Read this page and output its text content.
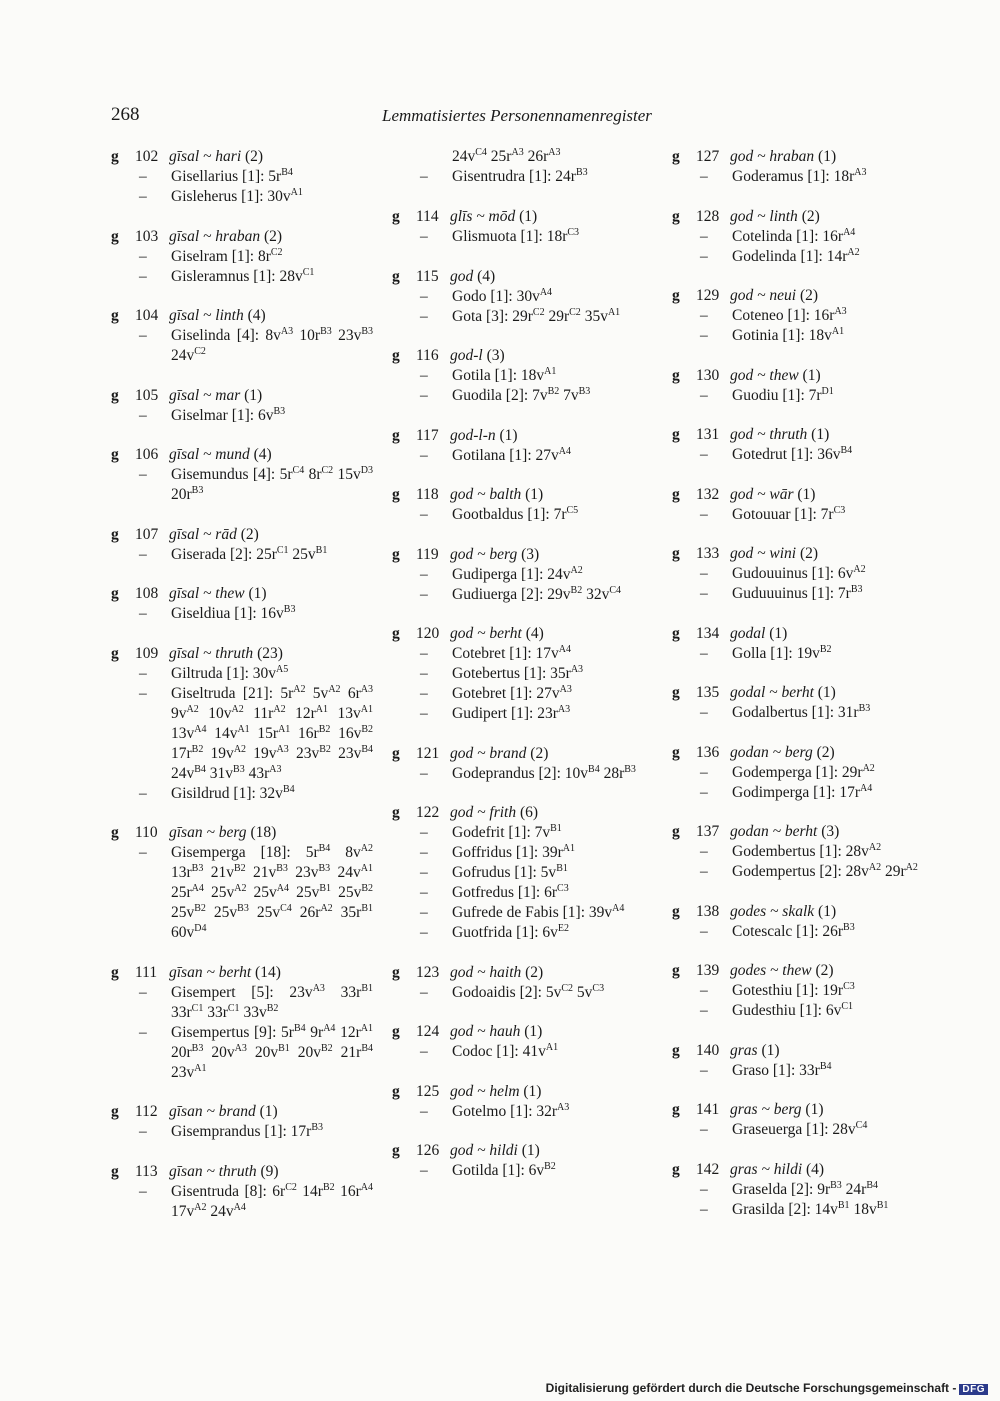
268	Lemmatisiertes Personennamenregister
g 102 gīsal ~ hari (2)
– Gisellarius [1]: $5r^{B4}$
– Gisleherus [1]: $30v^{A1}$
g 103 gīsal ~ hraban (2)
– Giselram [1]: $8r^{C2}$
– Gisleramnus [1]: $28v^{C1}$
g 104 gīsal ~ linth (4)
– Giselinda [4]: $8v^{A3}$ $10r^{B3}$ $23v^{B3}$ $24v^{C2}$
g 105 gīsal ~ mar (1)
– Giselmar [1]: $6v^{B3}$
g 106 gīsal ~ mund (4)
– Gisemundus [4]: $5r^{C4}$ $8r^{C2}$ $15v^{D3}$ $20r^{B3}$
g 107 gīsal ~ rād (2)
– Giserada [2]: $25r^{C1}$ $25v^{B1}$
g 108 gīsal ~ thew (1)
– Giseldiua [1]: $16v^{B3}$
g 109 gīsal ~ thruth (23)
– Giltruda [1]: $30v^{A5}$
– Giseltruda [21]: $5r^{A2}$ $5v^{A2}$ $6r^{A3}$ $9v^{A2}$ $10v^{A2}$ $11r^{A2}$ $12r^{A1}$ $13v^{A1}$ $13v^{A4}$ $14v^{A1}$ $15r^{A1}$ $16r^{B2}$ $16v^{B2}$ $17r^{B2}$ $19v^{A2}$ $19v^{A3}$ $23v^{B2}$ $23v^{B4}$ $24v^{B4}$ $31v^{B3}$ $43r^{A3}$
– Gisildrud [1]: $32v^{B4}$
g 110 gīsan ~ berg (18)
– Gisemperga [18]: $5r^{B4}$ $8v^{A2}$ $13r^{B3}$ $21v^{B2}$ $21v^{B3}$ $23v^{B3}$ $24v^{A1}$ $25r^{A4}$ $25v^{A2}$ $25v^{A4}$ $25v^{B1}$ $25v^{B2}$ $25v^{B2}$ $25v^{B3}$ $25v^{C4}$ $26r^{A2}$ $35r^{B1}$ $60v^{D4}$
g 111 gīsan ~ berht (14)
– Gisempert [5]: $23v^{A3}$ $33r^{B1}$ $33r^{C1}$ $33r^{C1}$ $33v^{B2}$
– Gisempertus [9]: $5r^{B4}$ $9r^{A4}$ $12r^{A1}$ $20r^{B3}$ $20v^{A3}$ $20v^{B1}$ $20v^{B2}$ $21r^{B4}$ $23v^{A1}$
g 112 gīsan ~ brand (1)
– Gisemprandus [1]: $17r^{B3}$
g 113 gīsan ~ thruth (9)
– Gisentruda [8]: $6r^{C2}$ $14r^{B2}$ $16r^{A4}$ $17v^{A2}$ $24v^{A4}$
$24v^{C4}$ $25r^{A3}$ $26r^{A3}$
– Gisentrudra [1]: $24r^{B3}$
g 114 glīs ~ mōd (1)
– Glismuota [1]: $18r^{C3}$
g 115 god (4)
– Godo [1]: $30v^{A4}$
– Gota [3]: $29r^{C2}$ $29r^{C2}$ $35v^{A1}$
g 116 god-l (3)
– Gotila [1]: $18v^{A1}$
– Guodila [2]: $7v^{B2}$ $7v^{B3}$
g 117 god-l-n (1)
– Gotilana [1]: $27v^{A4}$
g 118 god ~ balth (1)
– Gootbaldus [1]: $7r^{C5}$
g 119 god ~ berg (3)
– Gudiperga [1]: $24v^{A2}$
– Gudiuerga [2]: $29v^{B2}$ $32v^{C4}$
g 120 god ~ berht (4)
– Cotebret [1]: $17v^{A4}$
– Gotebertus [1]: $35r^{A3}$
– Gotebret [1]: $27v^{A3}$
– Gudipert [1]: $23r^{A3}$
g 121 god ~ brand (2)
– Godeprandus [2]: $10v^{B4}$ $28r^{B3}$
g 122 god ~ frith (6)
– Godefrit [1]: $7v^{B1}$
– Goffridus [1]: $39r^{A1}$
– Gofrudus [1]: $5v^{B1}$
– Gotfredus [1]: $6r^{C3}$
– Gufrede de Fabis [1]: $39v^{A4}$
– Guotfrida [1]: $6v^{E2}$
g 123 god ~ haith (2)
– Godoaidis [2]: $5v^{C2}$ $5v^{C3}$
g 124 god ~ hauh (1)
– Codoc [1]: $41v^{A1}$
g 125 god ~ helm (1)
– Gotelmo [1]: $32r^{A3}$
g 126 god ~ hildi (1)
– Gotilda [1]: $6v^{B2}$
g 127 god ~ hraban (1)
– Goderamus [1]: $18r^{A3}$
g 128 god ~ linth (2)
– Cotelinda [1]: $16r^{A4}$
– Godelinda [1]: $14r^{A2}$
g 129 god ~ neui (2)
– Coteneo [1]: $16r^{A3}$
– Gotinia [1]: $18v^{A1}$
g 130 god ~ thew (1)
– Guodiu [1]: $7r^{D1}$
g 131 god ~ thruth (1)
– Gotedrut [1]: $36v^{B4}$
g 132 god ~ wār (1)
– Gotouuar [1]: $7r^{C3}$
g 133 god ~ wini (2)
– Gudouuinus [1]: $6v^{A2}$
– Guduuuinus [1]: $7r^{B3}$
g 134 godal (1)
– Golla [1]: $19v^{B2}$
g 135 godal ~ berht (1)
– Godalbertus [1]: $31r^{B3}$
g 136 godan ~ berg (2)
– Godemperga [1]: $29r^{A2}$
– Godimperga [1]: $17r^{A4}$
g 137 godan ~ berht (3)
– Godembertus [1]: $28v^{A2}$
– Godempertus [2]: $28v^{A2}$ $29r^{A2}$
g 138 godes ~ skalk (1)
– Cotescalc [1]: $26r^{B3}$
g 139 godes ~ thew (2)
– Gotesthiu [1]: $19r^{C3}$
– Gudesthiu [1]: $6v^{C1}$
g 140 gras (1)
– Graso [1]: $33r^{B4}$
g 141 gras ~ berg (1)
– Graseuerga [1]: $28v^{C4}$
g 142 gras ~ hildi (4)
– Graselda [2]: $9r^{B3}$ $24r^{B4}$
– Grasilda [2]: $14v^{B1}$ $18v^{B1}$
Digitalisierung gefördert durch die Deutsche Forschungsgemeinschaft - DFG
